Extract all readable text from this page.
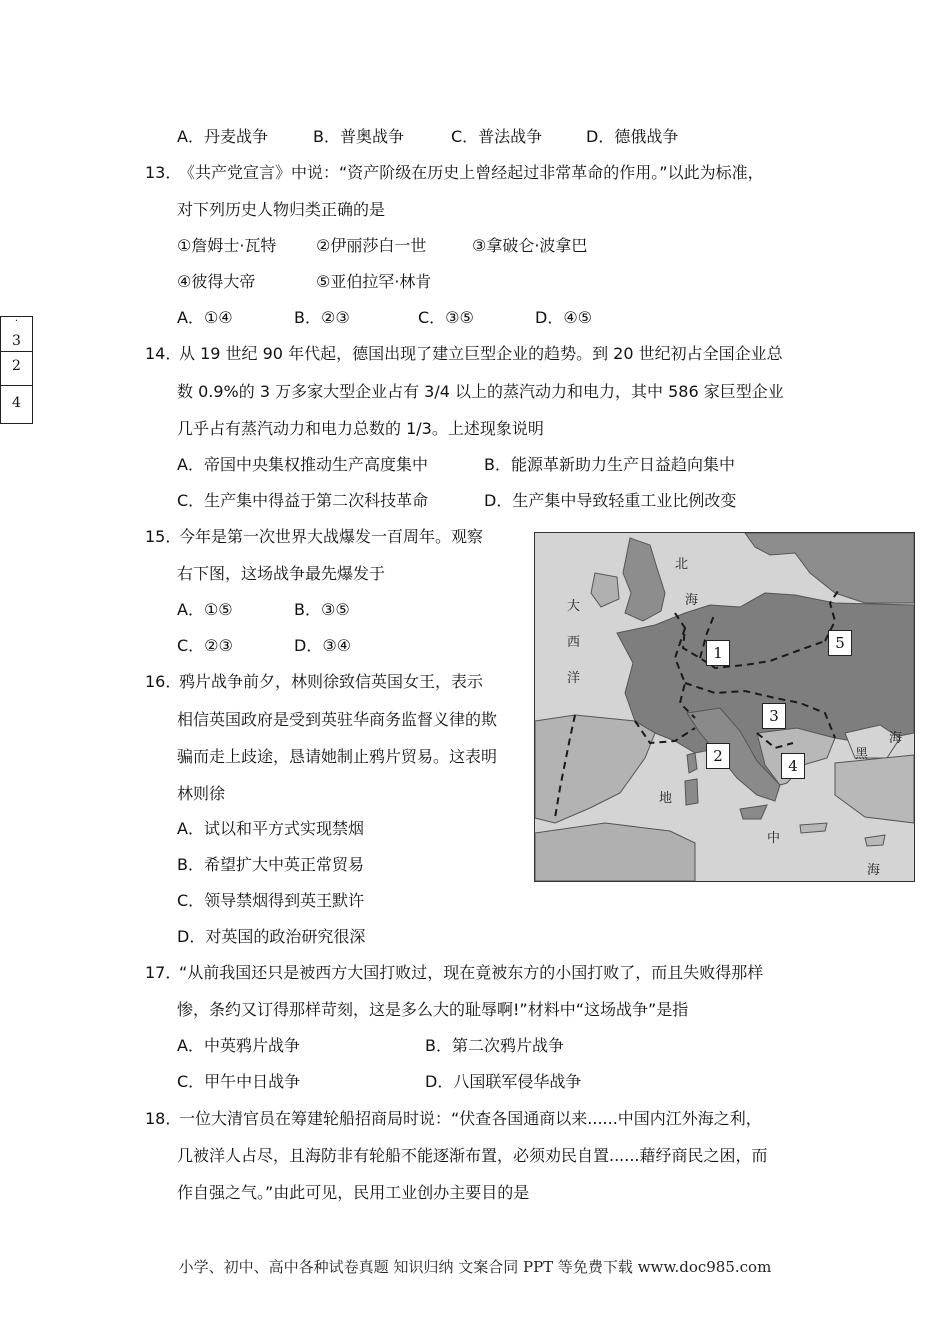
A．丹麦战争	B．普奥战争	C．普法战争	D．德俄战争
13．《共产党宣言》中说：“资产阶级在历史上曾经起过非常革命的作用。”以此为标准，
对下列历史人物归类正确的是
①詹姆士·瓦特 ②伊丽莎白一世	③拿破仑·波拿巴
④彼得大帝	⑤亚伯拉罕·林肯
A．①④	B．②③	C．③⑤	D．④⑤
14．从 19 世纪 90 年代起，德国出现了建立巨型企业的趋势。到 20 世纪初占全国企业总
数 0.9%的 3 万多家大型企业占有 3/4 以上的蒸汽动力和电力，其中 586 家巨型企业
几乎占有蒸汽动力和电力总数的 1/3。上述现象说明
A．帝国中央集权推动生产高度集中	B．能源革新助力生产日益趋向集中
C．生产集中得益于第二次科技革命	D．生产集中导致轻重工业比例改变
15．今年是第一次世界大战爆发一百周年。观察
右下图，这场战争最先爆发于
A．①⑤	B．③⑤
C．②③	D．③④
16．鸦片战争前夕，林则徐致信英国女王，表示
相信英国政府是受到英驻华商务监督义律的欺
骗而走上歧途，恳请她制止鸦片贸易。这表明
林则徐
A．试以和平方式实现禁烟
B．希望扩大中英正常贸易
C．领导禁烟得到英王默许
D．对英国的政治研究很深
17．“从前我国还只是被西方大国打败过，现在竟被东方的小国打败了，而且失败得那样
惨，条约又订得那样苛刻，这是多么大的耻辱啊!”材料中“这场战争”是指
A．中英鸦片战争	B．第二次鸦片战争
C．甲午中日战争	D．八国联军侵华战争
18．一位大清官员在筹建轮船招商局时说：“伏查各国通商以来......中国内江外海之利，
几被洋人占尽，且海防非有轮船不能逐渐布置，必须劝民自置......藉纾商民之困，而
作自强之气。”由此可见，民用工业创办主要目的是
·
3
2
4
北
海
大
西
洋
黑
海
地
中
海
1
2
3
4
5
小学、初中、高中各种试卷真题 知识归纳 文案合同 PPT 等免费下载 www.doc985.com
